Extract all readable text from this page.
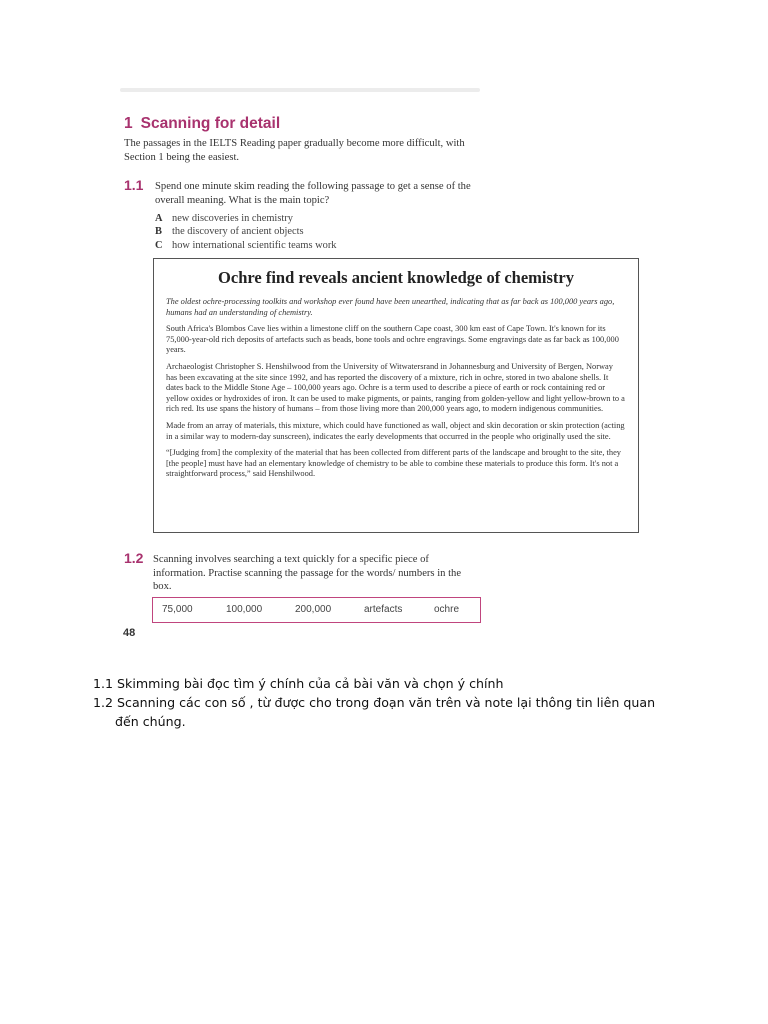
1 Scanning for detail
The passages in the IELTS Reading paper gradually become more difficult, with Section 1 being the easiest.
1.1 Spend one minute skim reading the following passage to get a sense of the overall meaning. What is the main topic?
A new discoveries in chemistry
B the discovery of ancient objects
C how international scientific teams work
Ochre find reveals ancient knowledge of chemistry
The oldest ochre-processing toolkits and workshop ever found have been unearthed, indicating that as far back as 100,000 years ago, humans had an understanding of chemistry.
South Africa's Blombos Cave lies within a limestone cliff on the southern Cape coast, 300 km east of Cape Town. It's known for its 75,000-year-old rich deposits of artefacts such as beads, bone tools and ochre engravings. Some engravings date as far back as 100,000 years.
Archaeologist Christopher S. Henshilwood from the University of Witwatersrand in Johannesburg and University of Bergen, Norway has been excavating at the site since 1992, and has reported the discovery of a mixture, rich in ochre, stored in two abalone shells. It dates back to the Middle Stone Age – 100,000 years ago. Ochre is a term used to describe a piece of earth or rock containing red or yellow oxides or hydroxides of iron. It can be used to make pigments, or paints, ranging from golden-yellow and light yellow-brown to a rich red. Its use spans the history of humans – from those living more than 200,000 years ago, to modern indigenous communities.
Made from an array of materials, this mixture, which could have functioned as wall, object and skin decoration or skin protection (acting in a similar way to modern-day sunscreen), indicates the early developments that occurred in the people who originally used the site.
“[Judging from] the complexity of the material that has been collected from different parts of the landscape and brought to the site, they [the people] must have had an elementary knowledge of chemistry to be able to combine these materials to produce this form. It's not a straightforward process,” said Henshilwood.
1.2 Scanning involves searching a text quickly for a specific piece of information. Practise scanning the passage for the words/ numbers in the box.
75,000	100,000	200,000	artefacts	ochre
48
1.1 Skimming bài đọc tìm ý chính của cả bài văn và chọn ý chính
1.2 Scanning các con số , từ được cho trong đoạn văn trên và note lại thông tin liên quan
đến chúng.
